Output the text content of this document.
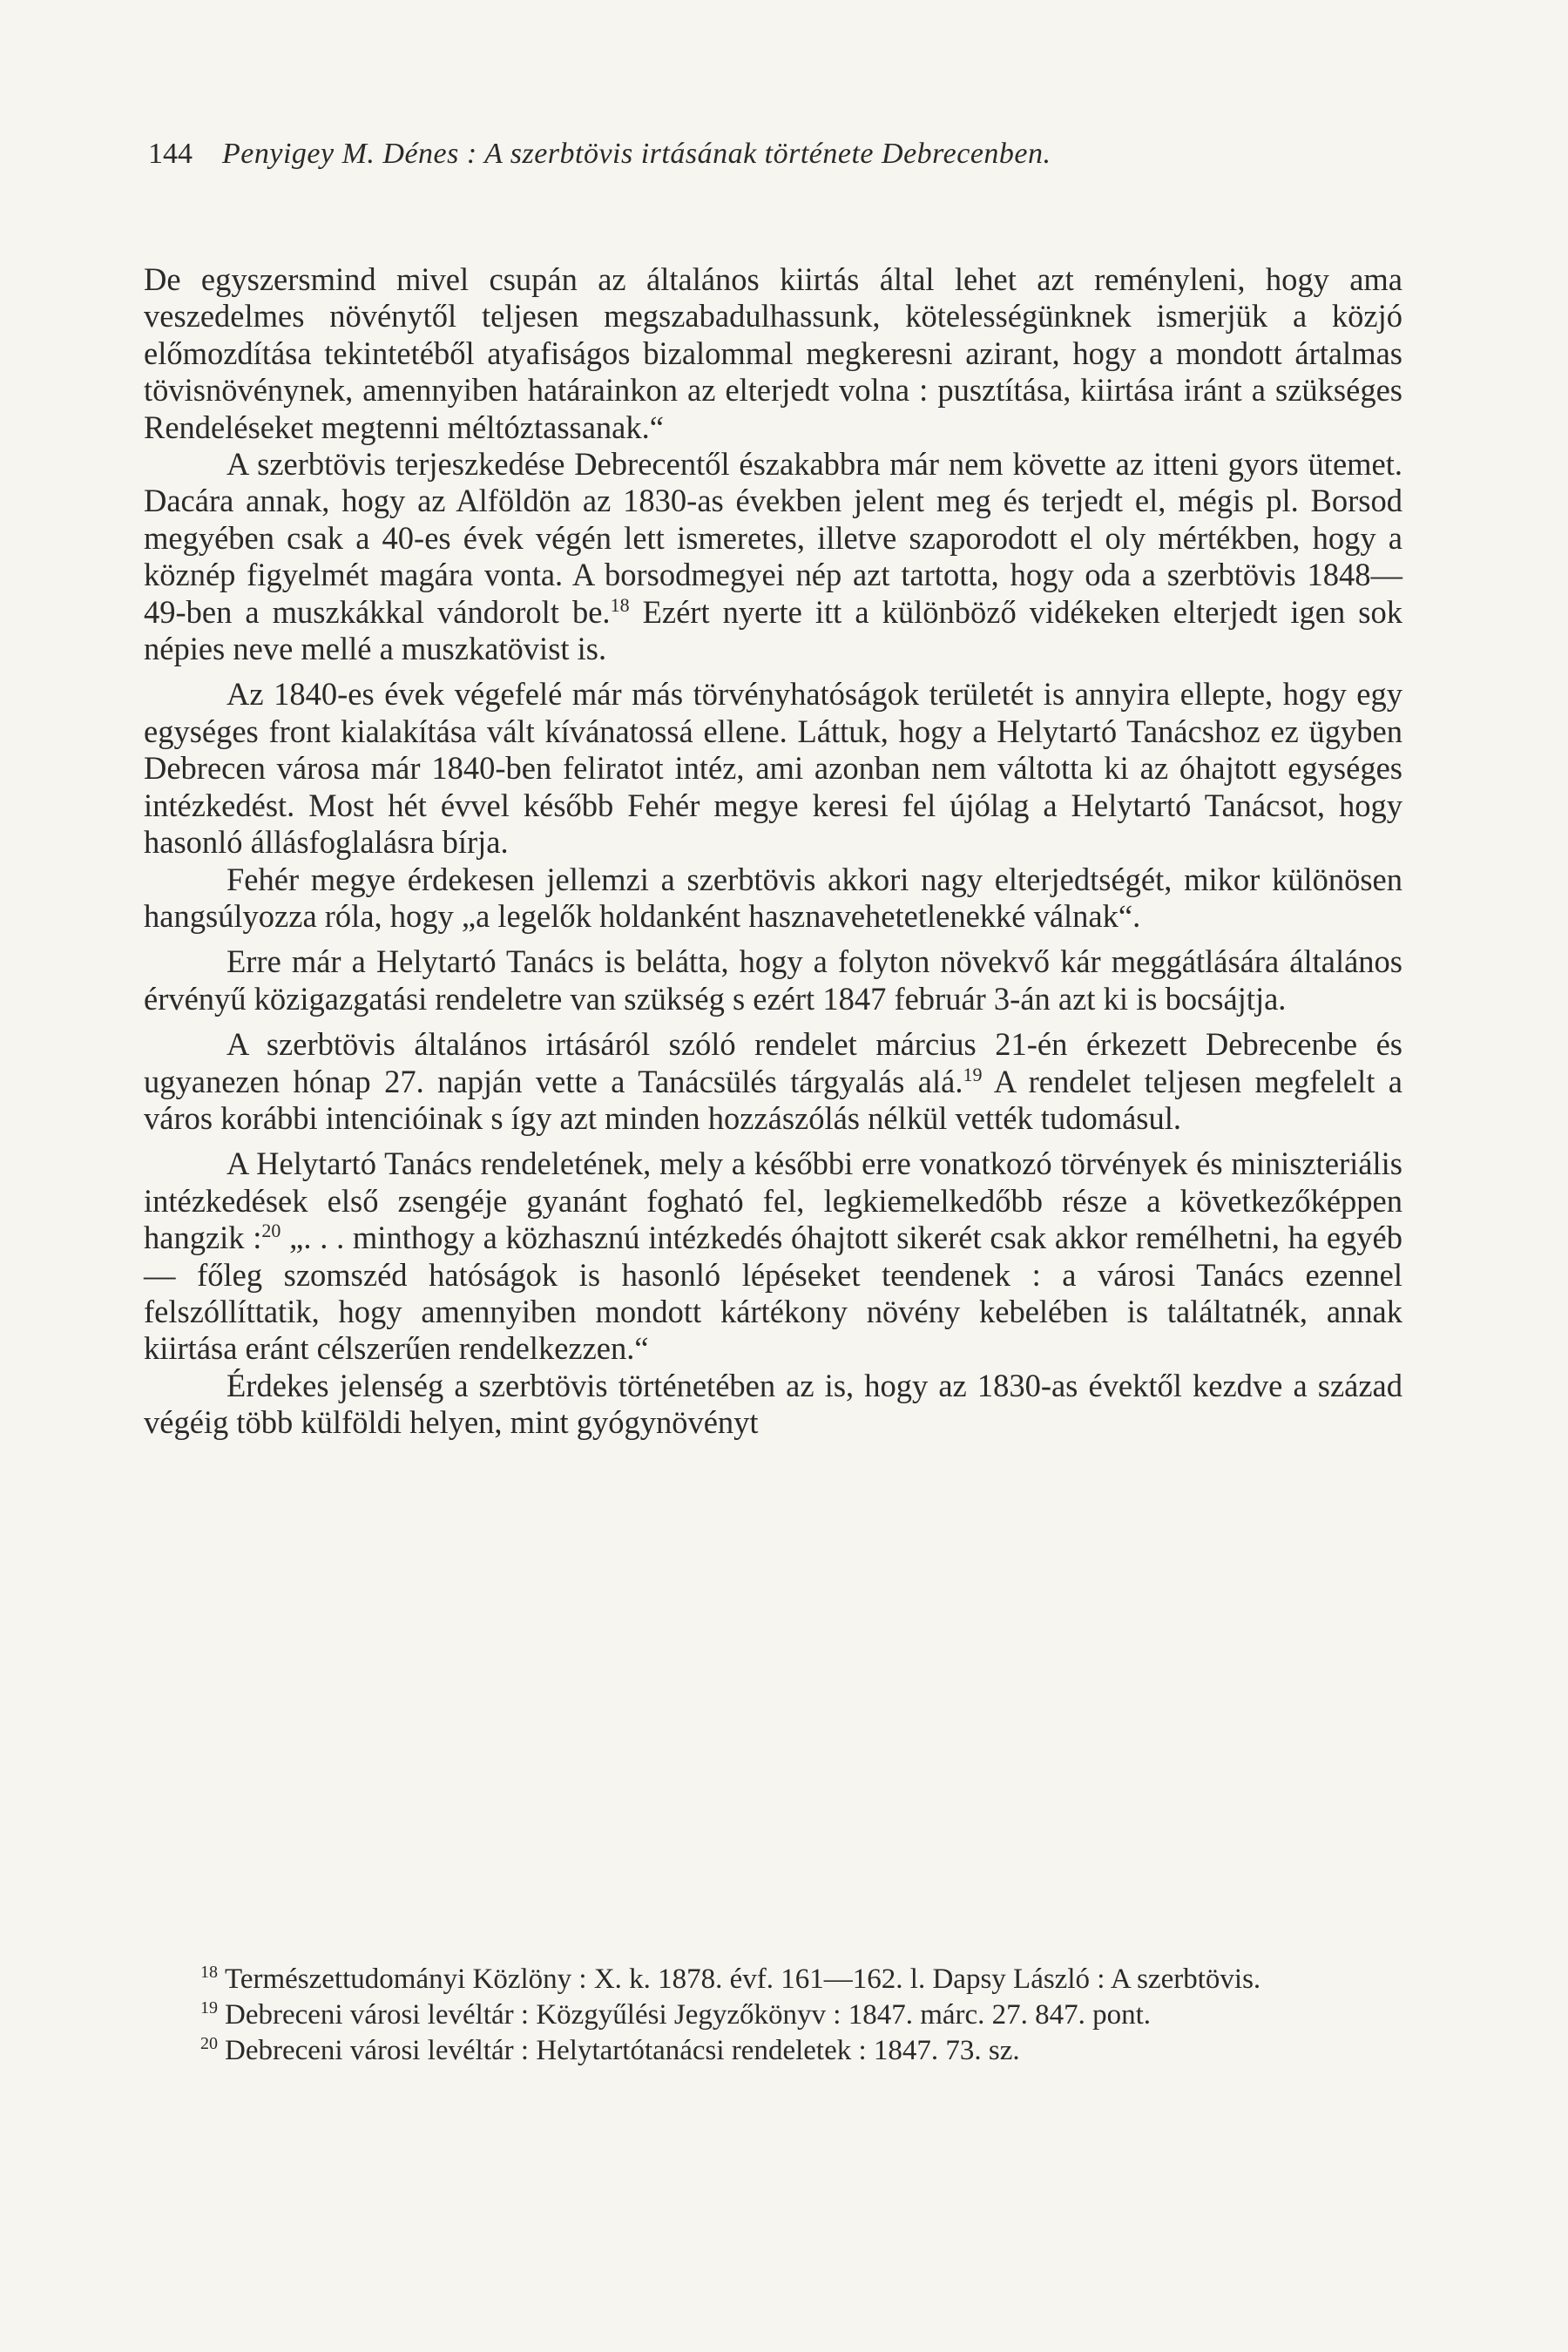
144 Penyigey M. Dénes : A szerbtövis irtásának története Debrecenben.

De egyszersmind mivel csupán az általános kiirtás által lehet azt reményleni, hogy ama veszedelmes növénytől teljesen megszabadulhassunk, kötelességünknek ismerjük a közjó előmozdítása tekintetéből atyafiságos bizalommal megkeresni azirant, hogy a mondott ártalmas tövisnövénynek, amennyiben határainkon az elterjedt volna : pusztítása, kiirtása iránt a szükséges Rendeléseket megtenni méltóztassanak.“

A szerbtövis terjeszkedése Debrecentől északabbra már nem követte az itteni gyors ütemet. Dacára annak, hogy az Alföldön az 1830-as években jelent meg és terjedt el, mégis pl. Borsod megyében csak a 40-es évek végén lett ismeretes, illetve szaporodott el oly mértékben, hogy a köznép figyelmét magára vonta. A borsodmegyei nép azt tartotta, hogy oda a szerbtövis 1848—49-ben a muszkákkal vándorolt be.$^{18}$ Ezért nyerte itt a különböző vidékeken elterjedt igen sok népies neve mellé a muszkatövist is.

Az 1840-es évek végefelé már más törvényhatóságok területét is annyira ellepte, hogy egy egységes front kialakítása vált kívánatossá ellene. Láttuk, hogy a Helytartó Tanácshoz ez ügyben Debrecen városa már 1840-ben feliratot intéz, ami azonban nem váltotta ki az óhajtott egységes intézkedést. Most hét évvel később Fehér megye keresi fel újólag a Helytartó Tanácsot, hogy hasonló állásfoglalásra bírja.

Fehér megye érdekesen jellemzi a szerbtövis akkori nagy elterjedtségét, mikor különösen hangsúlyozza róla, hogy „a legelők holdanként hasznavehetetlenekké válnak“.

Erre már a Helytartó Tanács is belátta, hogy a folyton növekvő kár meggátlására általános érvényű közigazgatási rendeletre van szükség s ezért 1847 február 3-án azt ki is bocsájtja.

A szerbtövis általános irtásáról szóló rendelet március 21-én érkezett Debrecenbe és ugyanezen hónap 27. napján vette a Tanácsülés tárgyalás alá.$^{19}$ A rendelet teljesen megfelelt a város korábbi intencióinak s így azt minden hozzászólás nélkül vették tudomásul.

A Helytartó Tanács rendeletének, mely a későbbi erre vonatkozó törvények és miniszteriális intézkedések első zsengéje gyanánt fogható fel, legkiemelkedőbb része a következőképpen hangzik :$^{20}$ „. . . minthogy a közhasznú intézkedés óhajtott sikerét csak akkor remélhetni, ha egyéb — főleg szomszéd hatóságok is hasonló lépéseket teendenek : a városi Tanács ezennel felszóllíttatik, hogy amennyiben mondott kártékony növény kebelében is találtatnék, annak kiirtása eránt célszerűen rendelkezzen.“

Érdekes jelenség a szerbtövis történetében az is, hogy az 1830-as évektől kezdve a század végéig több külföldi helyen, mint gyógynövényt

$^{18}$ Természettudományi Közlöny : X. k. 1878. évf. 161—162. l. Dapsy László : A szerbtövis.

$^{19}$ Debreceni városi levéltár : Közgyűlési Jegyzőkönyv : 1847. márc. 27. 847. pont.

$^{20}$ Debreceni városi levéltár : Helytartótanácsi rendeletek : 1847. 73. sz.
